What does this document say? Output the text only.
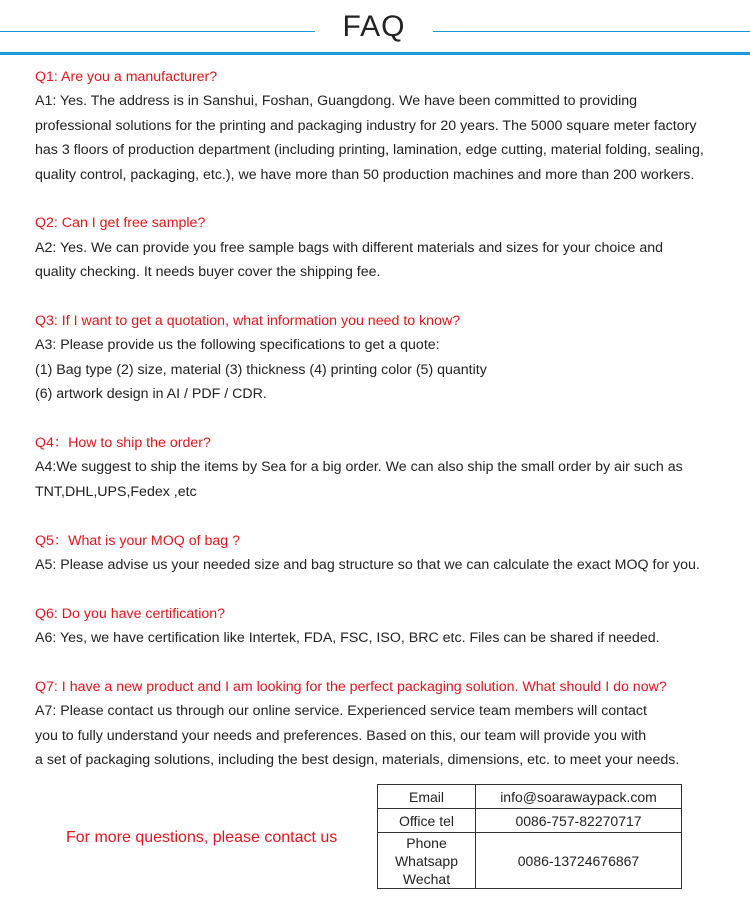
FAQ

Q1: Are you a manufacturer?

A1: Yes. The address is in Sanshui, Foshan, Guangdong. We have been committed to providing

professional solutions for the printing and packaging industry for 20 years. The 5000 square meter factory

has 3 floors of production department (including printing, lamination, edge cutting, material folding, sealing,

quality control, packaging, etc.), we have more than 50 production machines and more than 200 workers.

Q2: Can I get free sample?

A2: Yes. We can provide you free sample bags with different materials and sizes for your choice and

quality checking. It needs buyer cover the shipping fee.

Q3: If I want to get a quotation, what information you need to know?

A3: Please provide us the following specifications to get a quote:

(1) Bag type (2) size, material (3) thickness (4) printing color (5) quantity

(6) artwork design in AI / PDF / CDR.

Q4：How to ship the order?

A4:We suggest to ship the items by Sea for a big order. We can also ship the small order by air such as

TNT,DHL,UPS,Fedex ,etc

Q5：What is your MOQ of bag ?

A5: Please advise us your needed size and bag structure so that we can calculate the exact MOQ for you.

Q6: Do you have certification?

A6: Yes, we have certification like Intertek, FDA, FSC, ISO, BRC etc. Files can be shared if needed.

Q7: I have a new product and I am looking for the perfect packaging solution. What should I do now?

A7: Please contact us through our online service. Experienced service team members will contact

you to fully understand your needs and preferences. Based on this, our team will provide you with

a set of packaging solutions, including the best design, materials, dimensions, etc. to meet your needs.

For more questions, please contact us
Email	info@soarawaypack.com
Office tel	0086-757-82270717

Phone
Whatsapp
Wechat	0086-13724676867
